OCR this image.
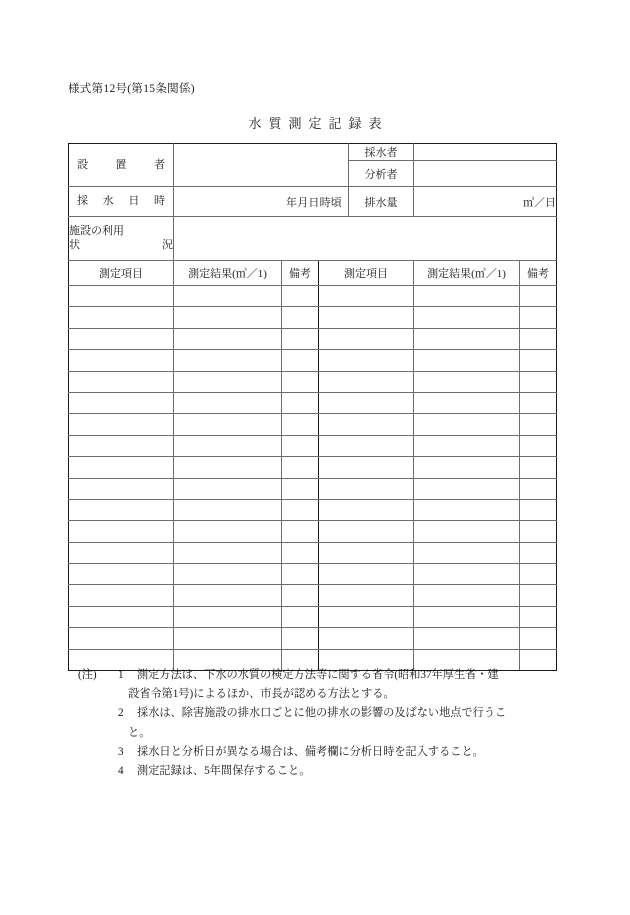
様式第12号(第15条関係)
水質測定記録表
設 置 者				採水者		
				分析者		

採 水 日 時	年月日時頃			排水量	㎥／日	

施設の利用
状 況						

測定項目	測定結果(㎥／1)	備考	測定項目		測定結果(㎥／1)	備考

(注)	1	測定方法は、下水の水質の検定方法等に関する省令(昭和37年厚生省・建
設省令第1号)によるほか、市長が認める方法とする。
2	採水は、除害施設の排水口ごとに他の排水の影響の及ばない地点で行うこ
と。
3	採水日と分析日が異なる場合は、備考欄に分析日時を記入すること。
4	測定記録は、5年間保存すること。
